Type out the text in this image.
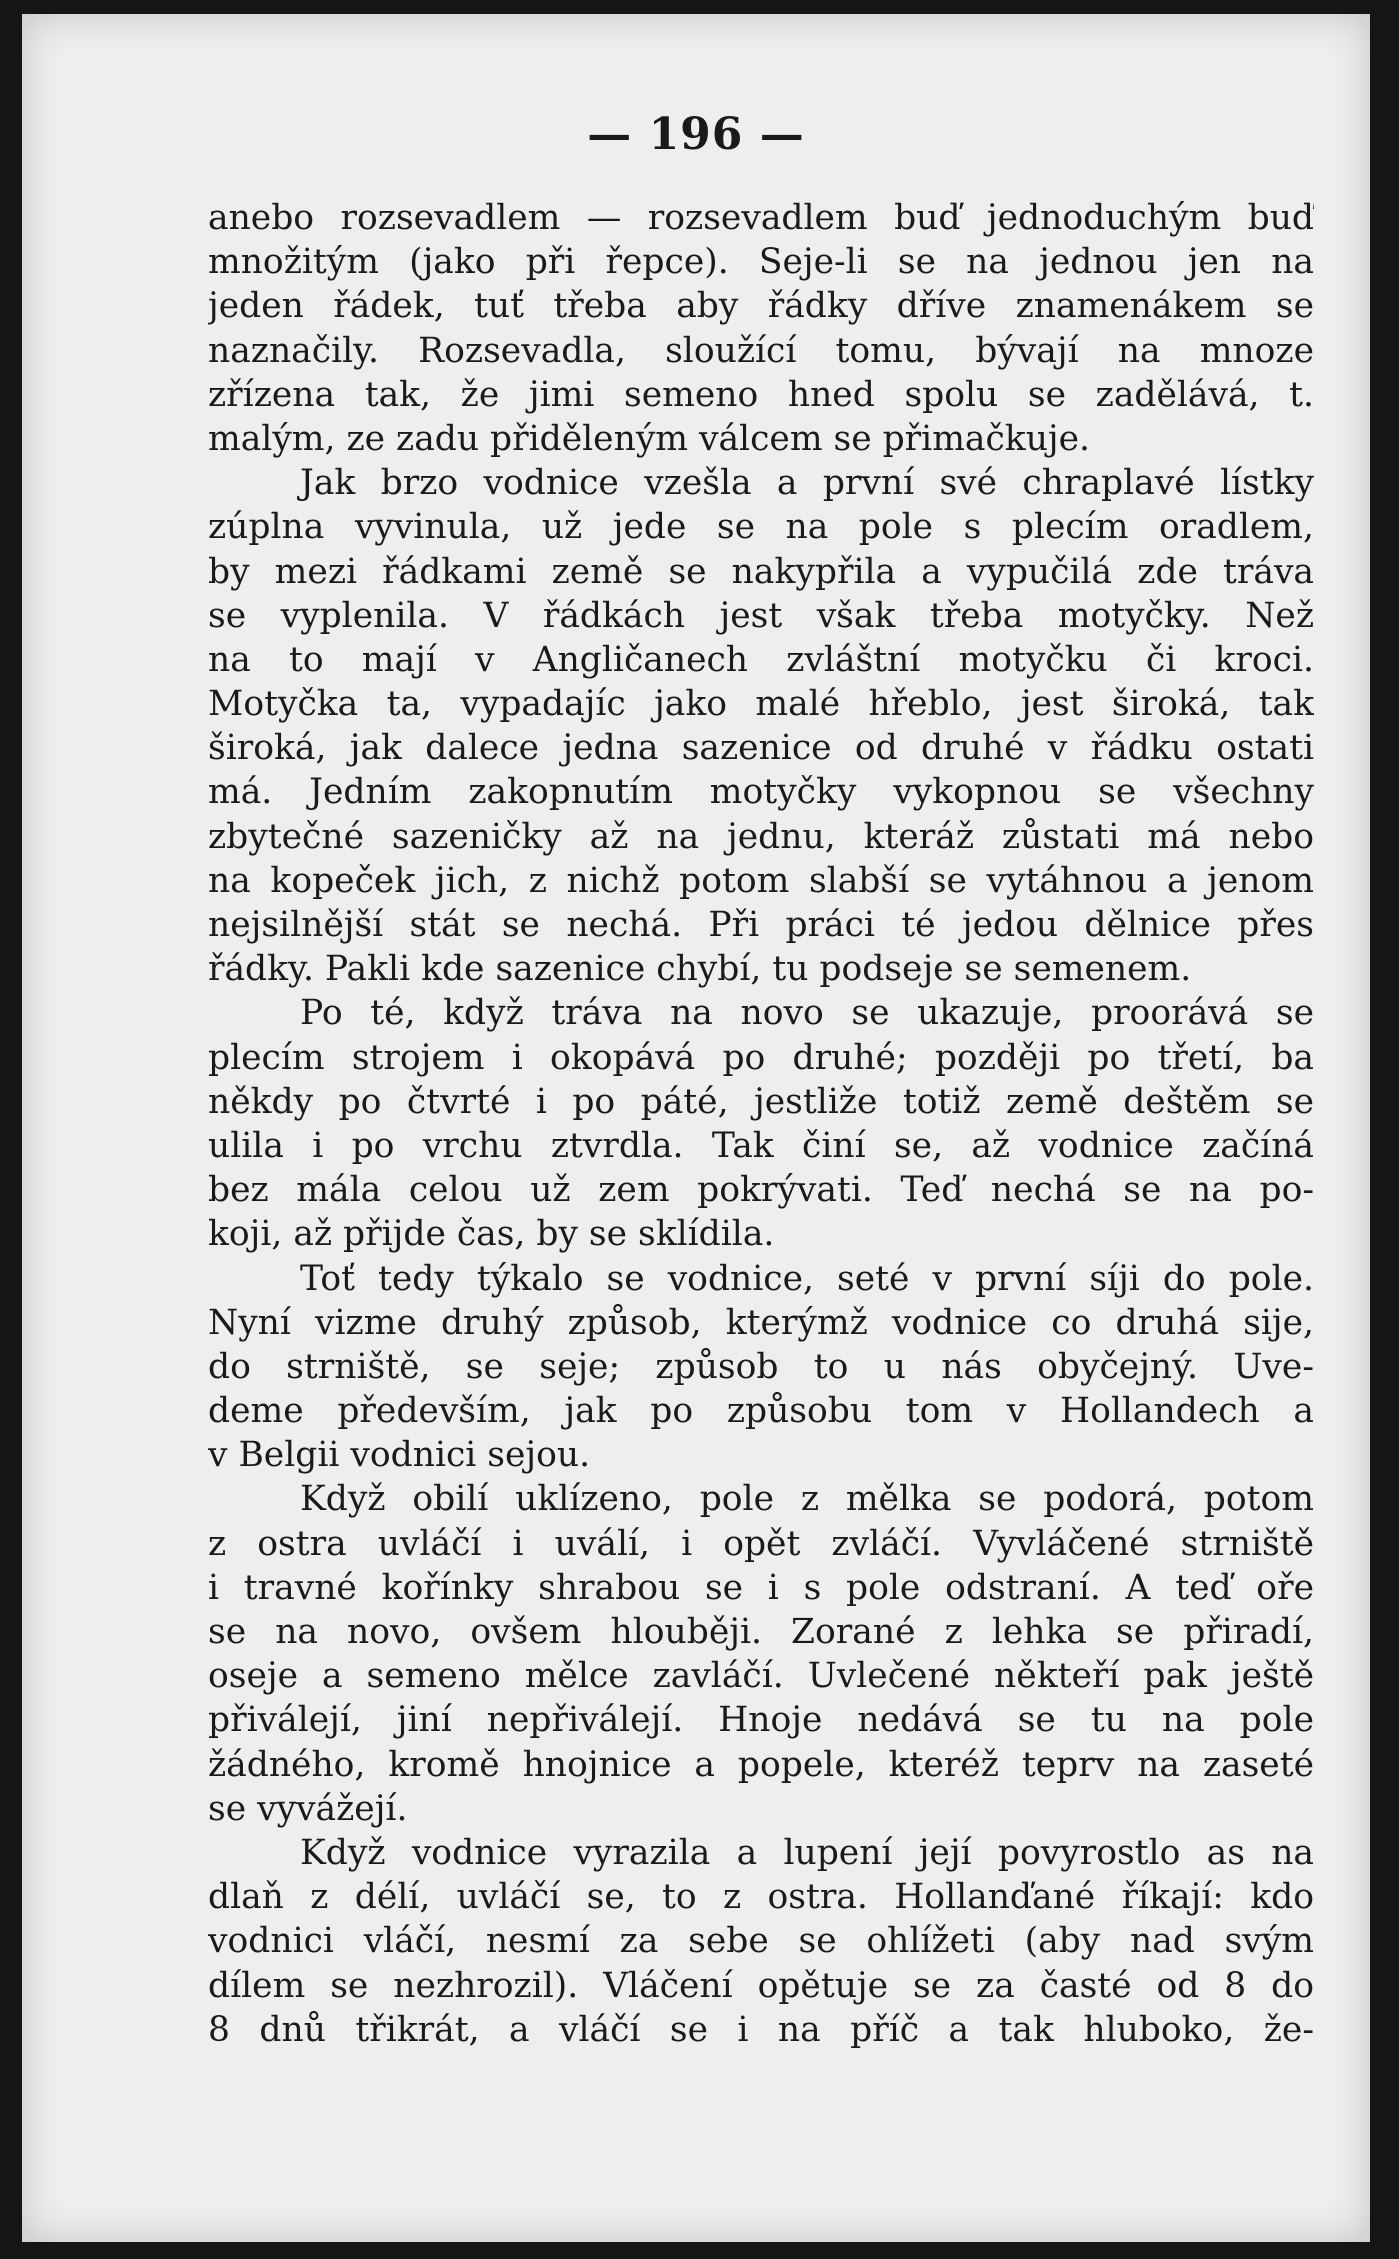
— 196 —
anebo rozsevadlem — rozsevadlem buď jednoduchým buď
množitým (jako při řepce). Seje-li se na jednou jen na
jeden řádek, tuť třeba aby řádky dříve znamenákem se
naznačily. Rozsevadla, sloužící tomu, bývají na mnoze
zřízena tak, že jimi semeno hned spolu se zadělává, t.
malým, ze zadu přiděleným válcem se přimačkuje.
Jak brzo vodnice vzešla a první své chraplavé lístky
zúplna vyvinula, už jede se na pole s plecím oradlem,
by mezi řádkami země se nakypřila a vypučilá zde tráva
se vyplenila. V řádkách jest však třeba motyčky. Než
na to mají v Angličanech zvláštní motyčku či kroci.
Motyčka ta, vypadajíc jako malé hřeblo, jest široká, tak
široká, jak dalece jedna sazenice od druhé v řádku ostati
má. Jedním zakopnutím motyčky vykopnou se všechny
zbytečné sazeničky až na jednu, kteráž zůstati má nebo
na kopeček jich, z nichž potom slabší se vytáhnou a jenom
nejsilnější stát se nechá. Při práci té jedou dělnice přes
řádky. Pakli kde sazenice chybí, tu podseje se semenem.
Po té, když tráva na novo se ukazuje, proorává se
plecím strojem i okopává po druhé; později po třetí, ba
někdy po čtvrté i po páté, jestliže totiž země deštěm se
ulila i po vrchu ztvrdla. Tak činí se, až vodnice začíná
bez mála celou už zem pokrývati. Teď nechá se na po-
koji, až přijde čas, by se sklídila.
Toť tedy týkalo se vodnice, seté v první síji do pole.
Nyní vizme druhý způsob, kterýmž vodnice co druhá sije,
do strniště, se seje; způsob to u nás obyčejný. Uve-
deme především, jak po způsobu tom v Hollandech a
v Belgii vodnici sejou.
Když obilí uklízeno, pole z mělka se podorá, potom
z ostra uvláčí i uválí, i opět zvláčí. Vyvláčené strniště
i travné kořínky shrabou se i s pole odstraní. A teď oře
se na novo, ovšem hlouběji. Zorané z lehka se přiradí,
oseje a semeno mělce zavláčí. Uvlečené někteří pak ještě
přiválejí, jiní nepřiválejí. Hnoje nedává se tu na pole
žádného, kromě hnojnice a popele, kteréž teprv na zaseté
se vyvážejí.
Když vodnice vyrazila a lupení její povyrostlo as na
dlaň z délí, uvláčí se, to z ostra. Hollanďané říkají: kdo
vodnici vláčí, nesmí za sebe se ohlížeti (aby nad svým
dílem se nezhrozil). Vláčení opětuje se za časté od 8 do
8 dnů třikrát, a vláčí se i na příč a tak hluboko, že-
